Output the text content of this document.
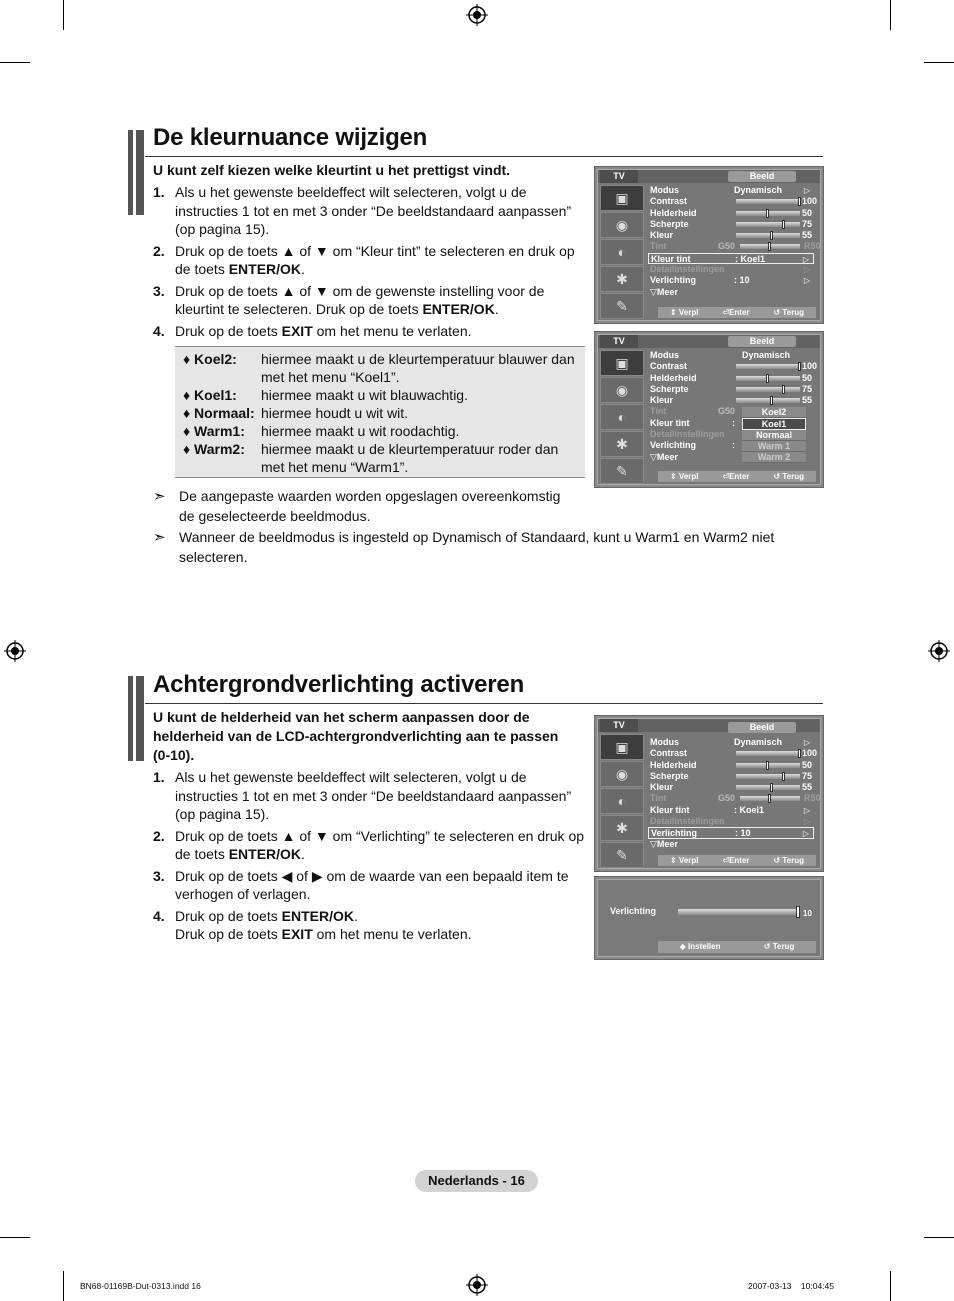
De kleurnuance wijzigen
U kunt zelf kiezen welke kleurtint u het prettigst vindt.
1. Als u het gewenste beeldeffect wilt selecteren, volgt u de instructies 1 tot en met 3 onder “De beeldstandaard aanpassen” (op pagina 15).
2. Druk op de toets ▲ of ▼ om “Kleur tint” te selecteren en druk op de toets ENTER/OK.
3. Druk op de toets ▲ of ▼ om de gewenste instelling voor de kleurtint te selecteren. Druk op de toets ENTER/OK.
4. Druk op de toets EXIT om het menu te verlaten.
♦ Koel2:	hiermee maakt u de kleurtemperatuur blauwer dan met het menu “Koel1”.
♦ Koel1:	hiermee maakt u wit blauwachtig.
♦ Normaal: hiermee houdt u wit wit.
♦ Warm1:	hiermee maakt u wit roodachtig.
♦ Warm2:	hiermee maakt u de kleurtemperatuur roder dan met het menu “Warm1”.
➣ De aangepaste waarden worden opgeslagen overeenkomstig de geselecteerde beeldmodus.
➣ Wanneer de beeldmodus is ingesteld op Dynamisch of Standaard, kunt u Warm1 en Warm2 niet selecteren.
TV	Beeld
▣
◉
◐
✱
✎
Modus	Dynamisch	▷
Contrast	100
Helderheid	50
Scherpte	75
Kleur	55
Tint	G50	R50
Kleur tint	: Koel1	▷
Detailinstellingen	▷
Verlichting	: 10	▷
▽Meer
⇕ Verpl	⏎Enter	↺ Terug
TV	Beeld
▣
◉
◐
✱
✎
Modus	Dynamisch
Contrast	100
Helderheid	50
Scherpte	75
Kleur	55
Tint	G50
Kleur tint	:
Detailinstellingen
Verlichting	:
▽Meer
Koel2
Koel1
Normaal
Warm 1
Warm 2
⇕ Verpl	⏎Enter	↺ Terug
Achtergrondverlichting activeren
U kunt de helderheid van het scherm aanpassen door de helderheid van de LCD-achtergrondverlichting aan te passen (0-10).
1. Als u het gewenste beeldeffect wilt selecteren, volgt u de instructies 1 tot en met 3 onder “De beeldstandaard aanpassen” (op pagina 15).
2. Druk op de toets ▲ of ▼ om “Verlichting” te selecteren en druk op de toets ENTER/OK.
3. Druk op de toets ◀ of ▶ om de waarde van een bepaald item te verhogen of verlagen.
4. Druk op de toets ENTER/OK.
Druk op de toets EXIT om het menu te verlaten.
TV	Beeld
▣
◉
◐
✱
✎
Modus	Dynamisch	▷
Contrast	100
Helderheid	50
Scherpte	75
Kleur	55
Tint	G50	R50
Kleur tint	: Koel1	▷
Detailinstellingen	▷
Verlichting	: 10	▷
▽Meer
⇕ Verpl	⏎Enter	↺ Terug
Verlichting	10
◆ Instellen	↺ Terug
Nederlands - 16
BN68-01169B-Dut-0313.indd 16	2007-03-13    10:04:45
